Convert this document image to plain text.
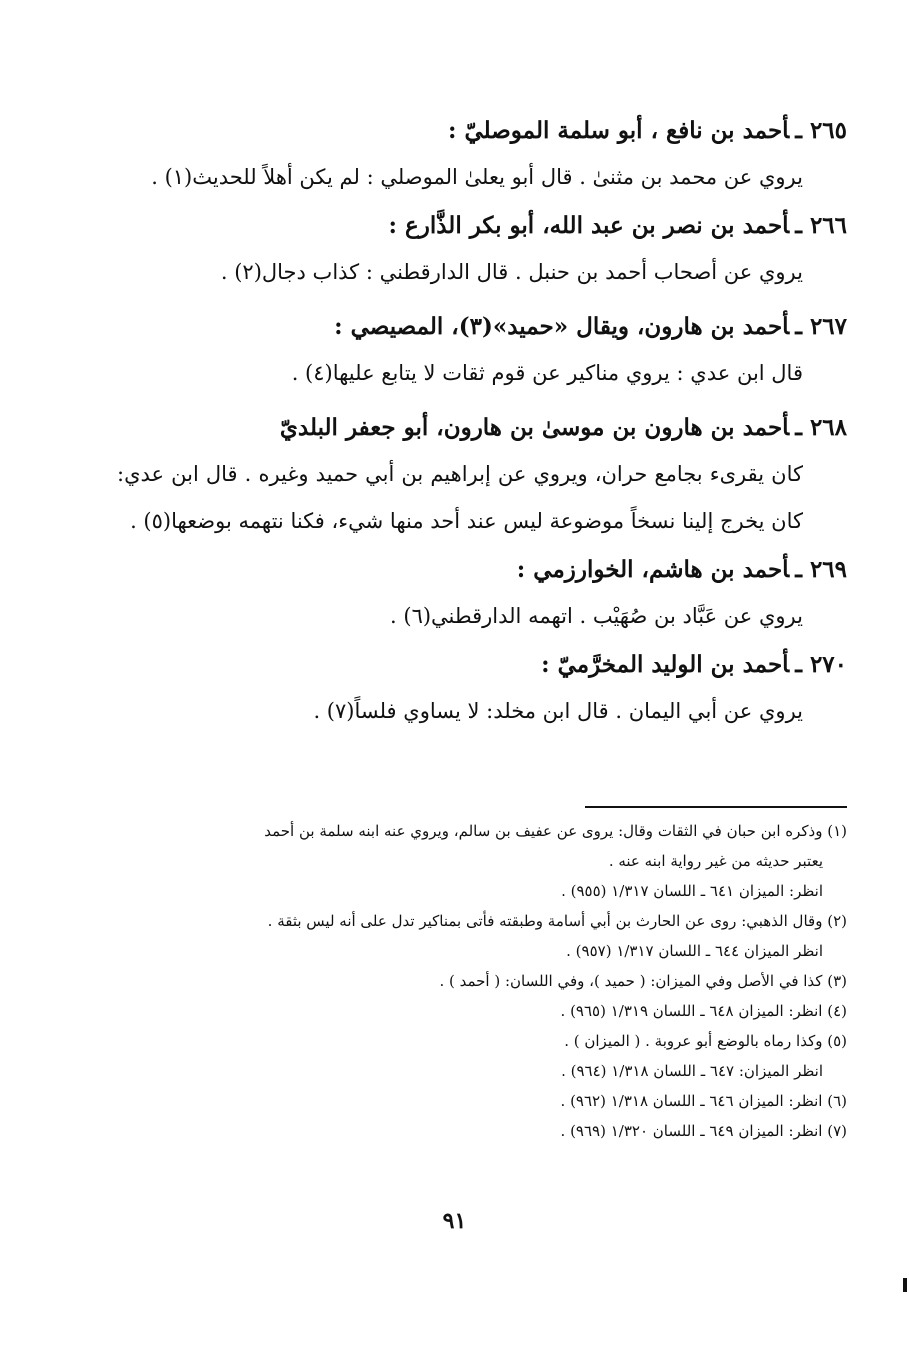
٢٦٥ ـأحمد بن نافع ، أبو سلمة الموصليّ :

يروي عن محمد بن مثنىٰ . قال أبو يعلىٰ الموصلي : لم يكن أهلاً للحديث(١) .

٢٦٦ ـأحمد بن نصر بن عبد الله، أبو بكر الذَّارع :

يروي عن أصحاب أحمد بن حنبل . قال الدارقطني : كذاب دجال(٢) .

٢٦٧ ـأحمد بن هارون، ويقال «حميد»(٣)، المصيصي :

قال ابن عدي : يروي مناكير عن قوم ثقات لا يتابع عليها(٤) .

٢٦٨ ـأحمد بن هارون بن موسىٰ بن هارون، أبو جعفر البلديّ

كان يقرىء بجامع حران، ويروي عن إبراهيم بن أبي حميد وغيره . قال ابن عدي: كان يخرج إلينا نسخاً موضوعة ليس عند أحد منها شيء، فكنا نتهمه بوضعها(٥) .

٢٦٩ ـأحمد بن هاشم، الخوارزمي :

يروي عن عَبَّاد بن صُهَيْب . اتهمه الدارقطني(٦) .

٢٧٠ ـأحمد بن الوليد المخرَّميّ :

يروي عن أبي اليمان . قال ابن مخلد: لا يساوي فلساً(٧) .

(١) وذكره ابن حبان في الثقات وقال: يروى عن عفيف بن سالم، ويروي عنه ابنه سلمة بن أحمد

يعتبر حديثه من غير رواية ابنه عنه .

انظر: الميزان ٦٤١ ـ اللسان ١/٣١٧ (٩٥٥) .

(٢) وقال الذهبي: روى عن الحارث بن أبي أسامة وطبقته فأتى بمناكير تدل على أنه ليس بثقة .

انظر الميزان ٦٤٤ ـ اللسان ١/٣١٧ (٩٥٧) .

(٣) كذا في الأصل وفي الميزان: ( حميد )، وفي اللسان: ( أحمد ) .

(٤) انظر: الميزان ٦٤٨ ـ اللسان ١/٣١٩ (٩٦٥) .

(٥) وكذا رماه بالوضع أبو عروبة . ( الميزان ) .

انظر الميزان: ٦٤٧ ـ اللسان ١/٣١٨ (٩٦٤) .

(٦) انظر: الميزان ٦٤٦ ـ اللسان ١/٣١٨ (٩٦٢) .

(٧) انظر: الميزان ٦٤٩ ـ اللسان ١/٣٢٠ (٩٦٩) .

٩١
